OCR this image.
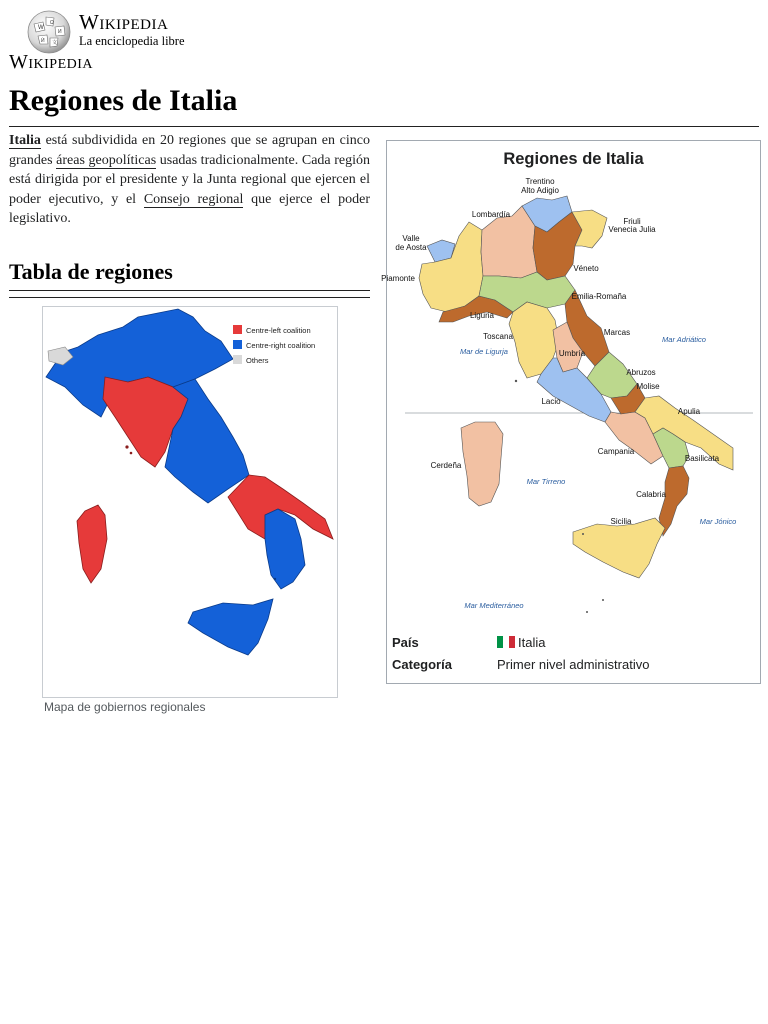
W
Ω
И
Ѝ 文
Wikipedia
La enciclopedia libre
Wikipedia
Regiones de Italia

Italia está subdividida en 20 regiones que se agrupan en cinco grandes áreas geopolíticas usadas tradicionalmente. Cada región está dirigida por el presidente y la Junta regional que ejercen el poder ejecutivo, y el Consejo regional que ejerce el poder legislativo.

Tabla de regiones
Centre-left coalition
Centre-right coalition
Others
Mapa de gobiernos regionales
Regiones de Italia
Trentino
Alto Adigio
Lombardía
Friuli
Venecia Julia
Valle
de Aosta
Piamonte
Véneto
Emilia-Romaña
Liguria
Toscana	Marcas
Umbría
Abruzos
Molise
Lacio
Apulia
Cerdeña
Campania
Basilicata
Calabria
Sicilia
Mar Adriático
Mar de Ligurja
Mar Tirreno
Mar Jónico
Mar Mediterráneo
País	Italia
Categoría	Primer nivel administrativo
